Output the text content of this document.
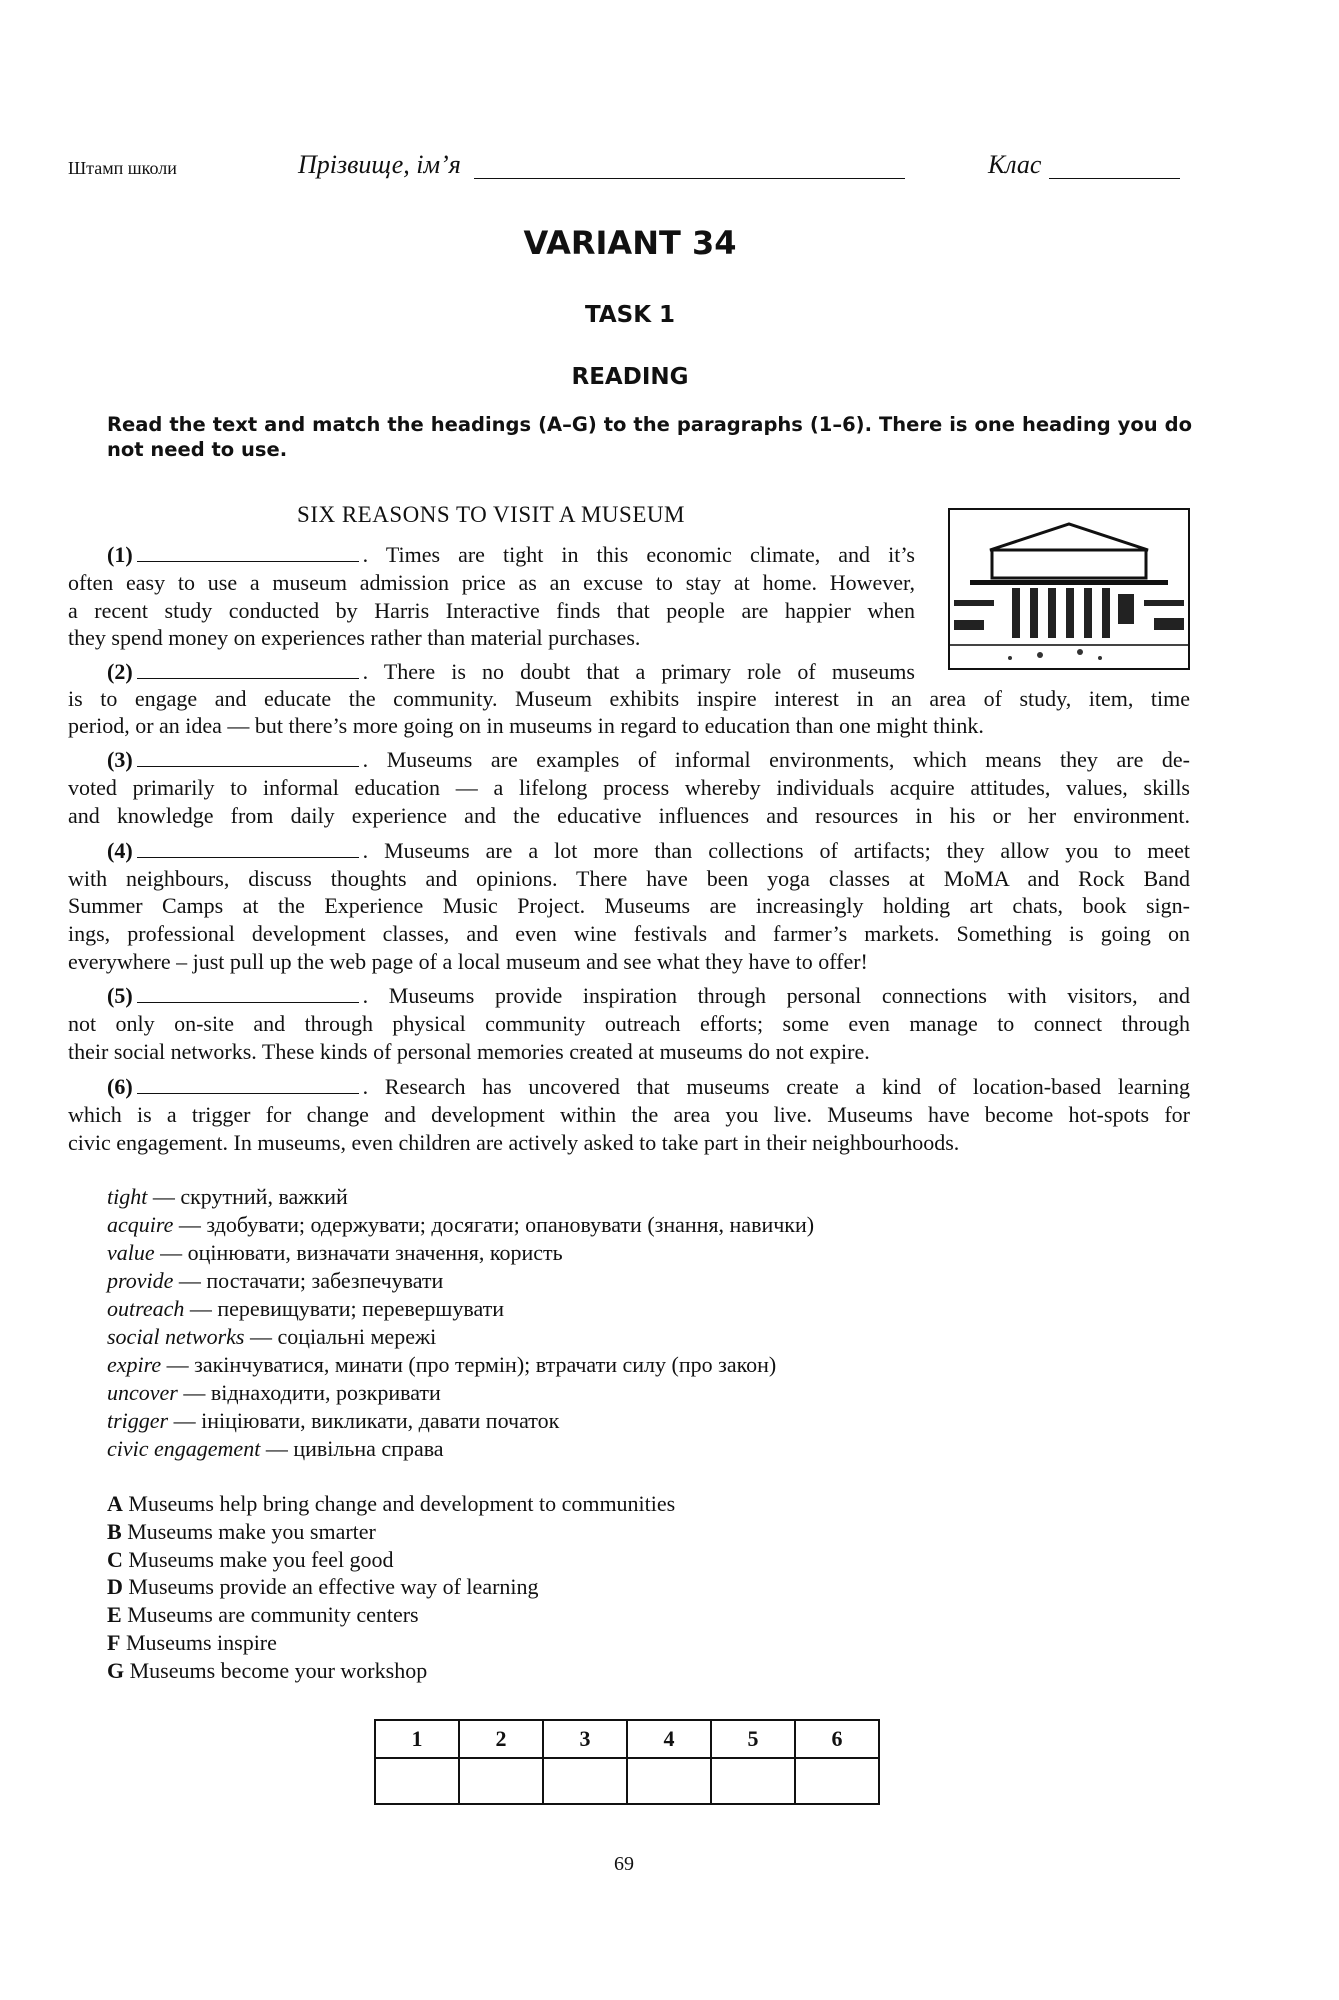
Штамп школи	Прізвище, ім’я	Клас
VARIANT 34
TASK 1
READING
Read the text and match the headings (A–G) to the paragraphs (1–6). There is one heading you do not need to use.
SIX REASONS TO VISIT A MUSEUM
(1)	. Times are tight in this economic climate, and it’s
often easy to use a museum admission price as an excuse to stay at home. However,
a recent study conducted by Harris Interactive finds that people are happier when
they spend money on experiences rather than material purchases.
(2)	. There is no doubt that a primary role of museums
is to engage and educate the community. Museum exhibits inspire interest in an area of study, item, time
period, or an idea — but there’s more going on in museums in regard to education than one might think.
(3)	. Museums are examples of informal environments, which means they are de-
voted primarily to informal education — a lifelong process whereby individuals acquire attitudes, values, skills
and knowledge from daily experience and the educative influences and resources in his or her environment.
(4)	. Museums are a lot more than collections of artifacts; they allow you to meet
with neighbours, discuss thoughts and opinions. There have been yoga classes at MoMA and Rock Band
Summer Camps at the Experience Music Project. Museums are increasingly holding art chats, book sign-
ings, professional development classes, and even wine festivals and farmer’s markets. Something is going on
everywhere – just pull up the web page of a local museum and see what they have to offer!
(5)	. Museums provide inspiration through personal connections with visitors, and
not only on-site and through physical community outreach efforts; some even manage to connect through
their social networks. These kinds of personal memories created at museums do not expire.
(6)	. Research has uncovered that museums create a kind of location-based learning
which is a trigger for change and development within the area you live. Museums have become hot-spots for
civic engagement. In museums, even children are actively asked to take part in their neighbourhoods.
tight — скрутний, важкий
acquire — здобувати; одержувати; досягати; опановувати (знання, навички)
value — оцінювати, визначати значення, користь
provide — постачати; забезпечувати
outreach — перевищувати; перевершувати
social networks — соціальні мережі
expire — закінчуватися, минати (про термін); втрачати силу (про закон)
uncover — віднаходити, розкривати
trigger — ініціювати, викликати, давати початок
civic engagement — цивільна справа
A Museums help bring change and development to communities
B Museums make you smarter
C Museums make you feel good
D Museums provide an effective way of learning
E Museums are community centers
F Museums inspire
G Museums become your workshop
1	2	3	4	5	6

69
